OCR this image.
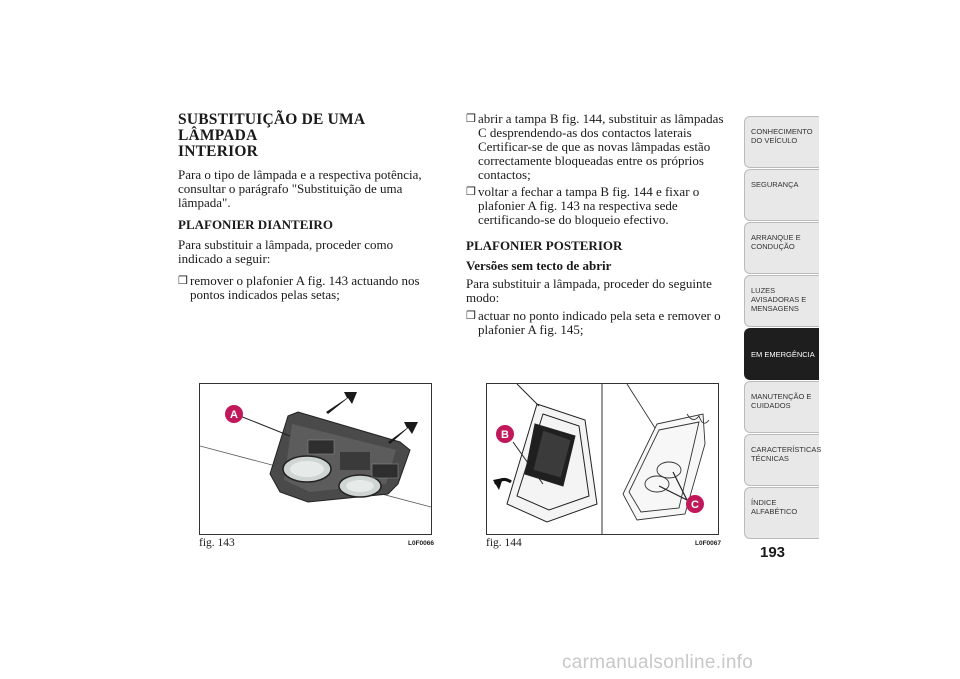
SUBSTITUIÇÃO DE UMA LÂMPADA
INTERIOR

Para o tipo de lâmpada e a respectiva potência, consultar o parágrafo "Substituição de uma lâmpada".

PLAFONIER DIANTEIRO

Para substituir a lâmpada, proceder como indicado a seguir:

❒ remover o plafonier A fig. 143 actuando nos pontos indicados pelas setas;
❒ abrir a tampa B fig. 144, substituir as lâmpadas C desprendendo-as dos contactos laterais Certificar-se de que as novas lâmpadas estão correctamente bloqueadas entre os próprios contactos;
❒ voltar a fechar a tampa B fig. 144 e fixar o plafonier A fig. 143 na respectiva sede certificando-se do bloqueio efectivo.
PLAFONIER POSTERIOR
Versões sem tecto de abrir

Para substituir a lâmpada, proceder do seguinte modo:

❒ actuar no ponto indicado pela seta e remover o plafonier A fig. 145;
A
fig. 143	L0F0066
B
C
fig. 144	L0F0067
CONHECIMENTO
DO VEÍCULO
SEGURANÇA
ARRANQUE E
CONDUÇÃO
LUZES
AVISADORAS E
MENSAGENS
EM EMERGÊNCIA
MANUTENÇÃO E
CUIDADOS
CARACTERÍSTICAS
TÉCNICAS
ÍNDICE
ALFABÉTICO
193
carmanualsonline.info
